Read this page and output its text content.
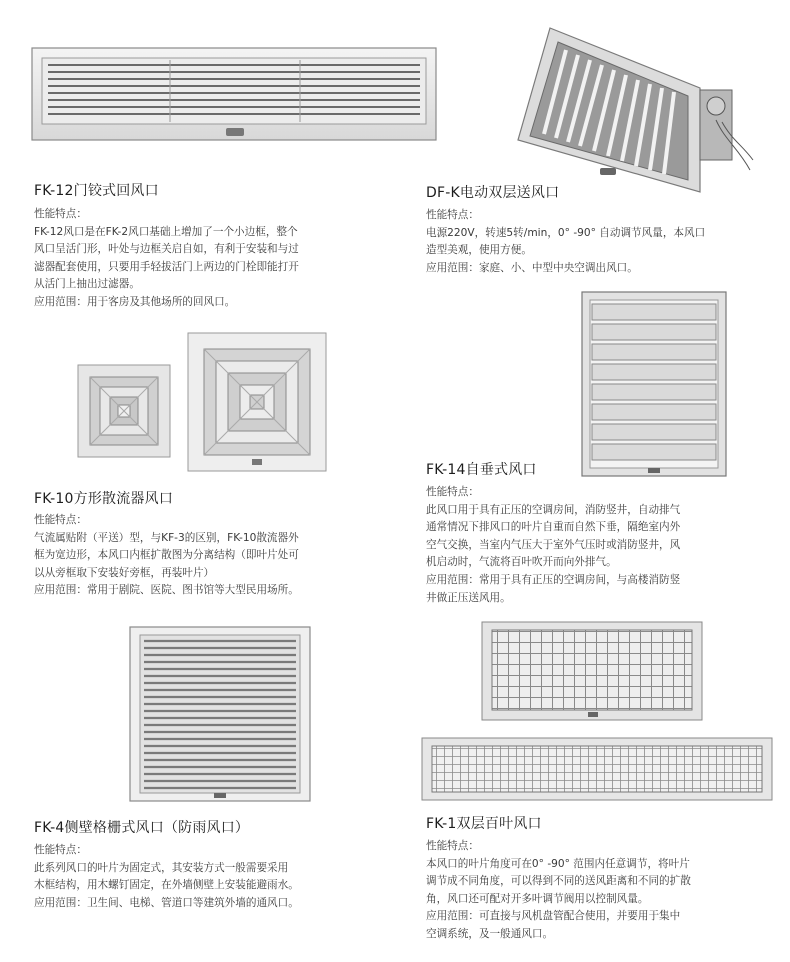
FK-12门铰式回风口

性能特点：

FK-12风口是在FK-2风口基础上增加了一个小边框，整个

风口呈活门形，叶处与边框关启自如，有利于安装和与过

滤器配套使用，只要用手轻拔活门上两边的门栓即能打开

从活门上抽出过滤器。

应用范围：用于客房及其他场所的回风口。

DF-K电动双层送风口

性能特点：

电源220V，转速5转/min，0° -90° 自动调节风量，本风口

造型美观，使用方便。

应用范围：家庭、小、中型中央空调出风口。

FK-10方形散流器风口

性能特点：

气流属贴附（平送）型，与KF-3的区别，FK-10散流器外

框为宽边形，本风口内框扩散图为分离结构（即叶片处可

以从旁框取下安装好旁框，再装叶片）

应用范围：常用于剧院、医院、图书馆等大型民用场所。

FK-14自垂式风口

性能特点：

此风口用于具有正压的空调房间，消防竖井，自动排气

通常情况下排风口的叶片自重而自然下垂，隔绝室内外

空气交换，当室内气压大于室外气压时或消防竖井，风

机启动时，气流将百叶吹开而向外排气。

应用范围：常用于具有正压的空调房间，与高楼消防竖

井做正压送风用。

FK-4侧壁格栅式风口（防雨风口）

性能特点：

此系列风口的叶片为固定式，其安装方式一般需要采用

木框结构，用木螺钉固定，在外墙侧壁上安装能避雨水。

应用范围：卫生间、电梯、管道口等建筑外墙的通风口。

FK-1双层百叶风口

性能特点：

本风口的叶片角度可在0° -90° 范围内任意调节，将叶片

调节成不同角度，可以得到不同的送风距离和不同的扩散

角，风口还可配对开多叶调节阀用以控制风量。

应用范围：可直接与风机盘管配合使用，并要用于集中

空调系统，及一般通风口。
